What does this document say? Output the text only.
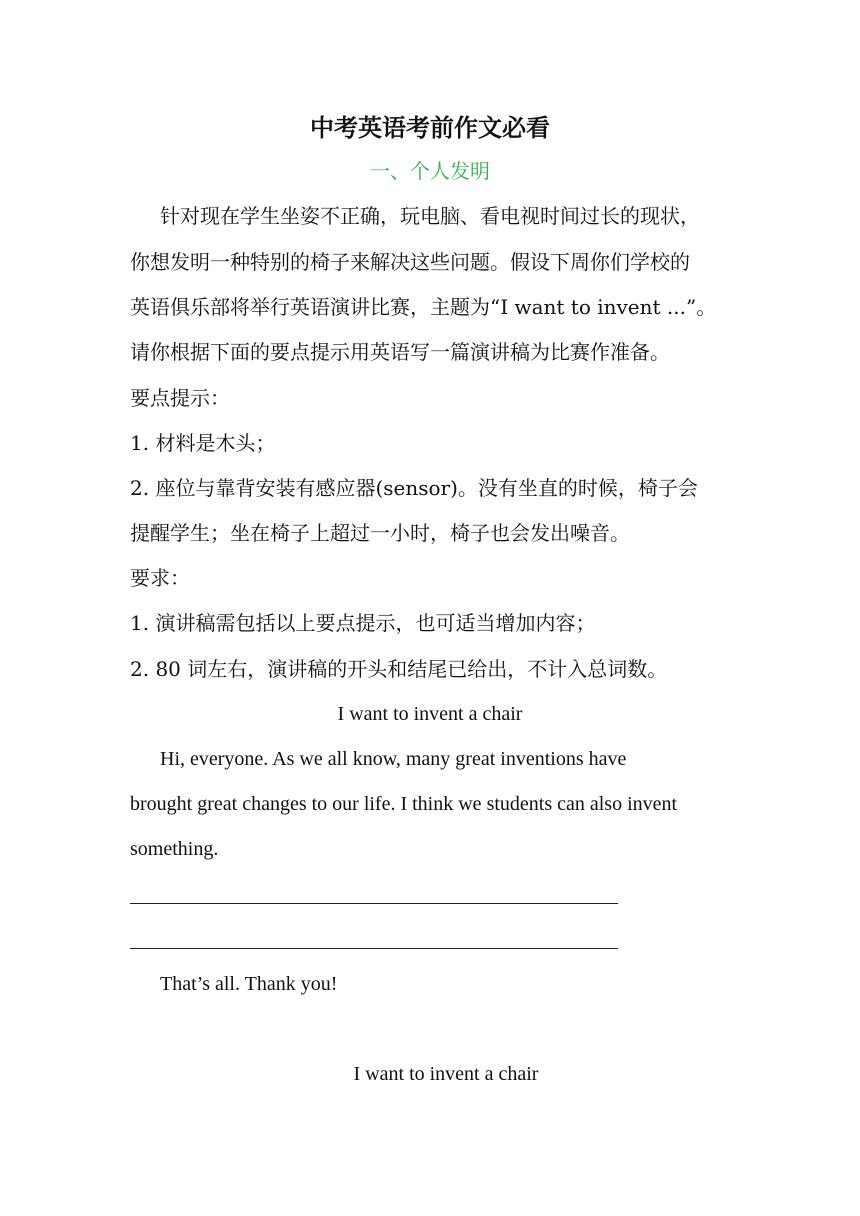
中考英语考前作文必看
一、个人发明
针对现在学生坐姿不正确，玩电脑、看电视时间过长的现状，
你想发明一种特别的椅子来解决这些问题。假设下周你们学校的
英语俱乐部将举行英语演讲比赛，主题为“I want to invent ...”。
请你根据下面的要点提示用英语写一篇演讲稿为比赛作准备。
要点提示：
1. 材料是木头；
2. 座位与靠背安装有感应器(sensor)。没有坐直的时候，椅子会
提醒学生；坐在椅子上超过一小时，椅子也会发出噪音。
要求：
1. 演讲稿需包括以上要点提示，也可适当增加内容；
2. 80 词左右，演讲稿的开头和结尾已给出，不计入总词数。
I want to invent a chair
Hi, everyone. As we all know, many great inventions have
brought great changes to our life. I think we students can also invent
something.
That’s all. Thank you!
I want to invent a chair
